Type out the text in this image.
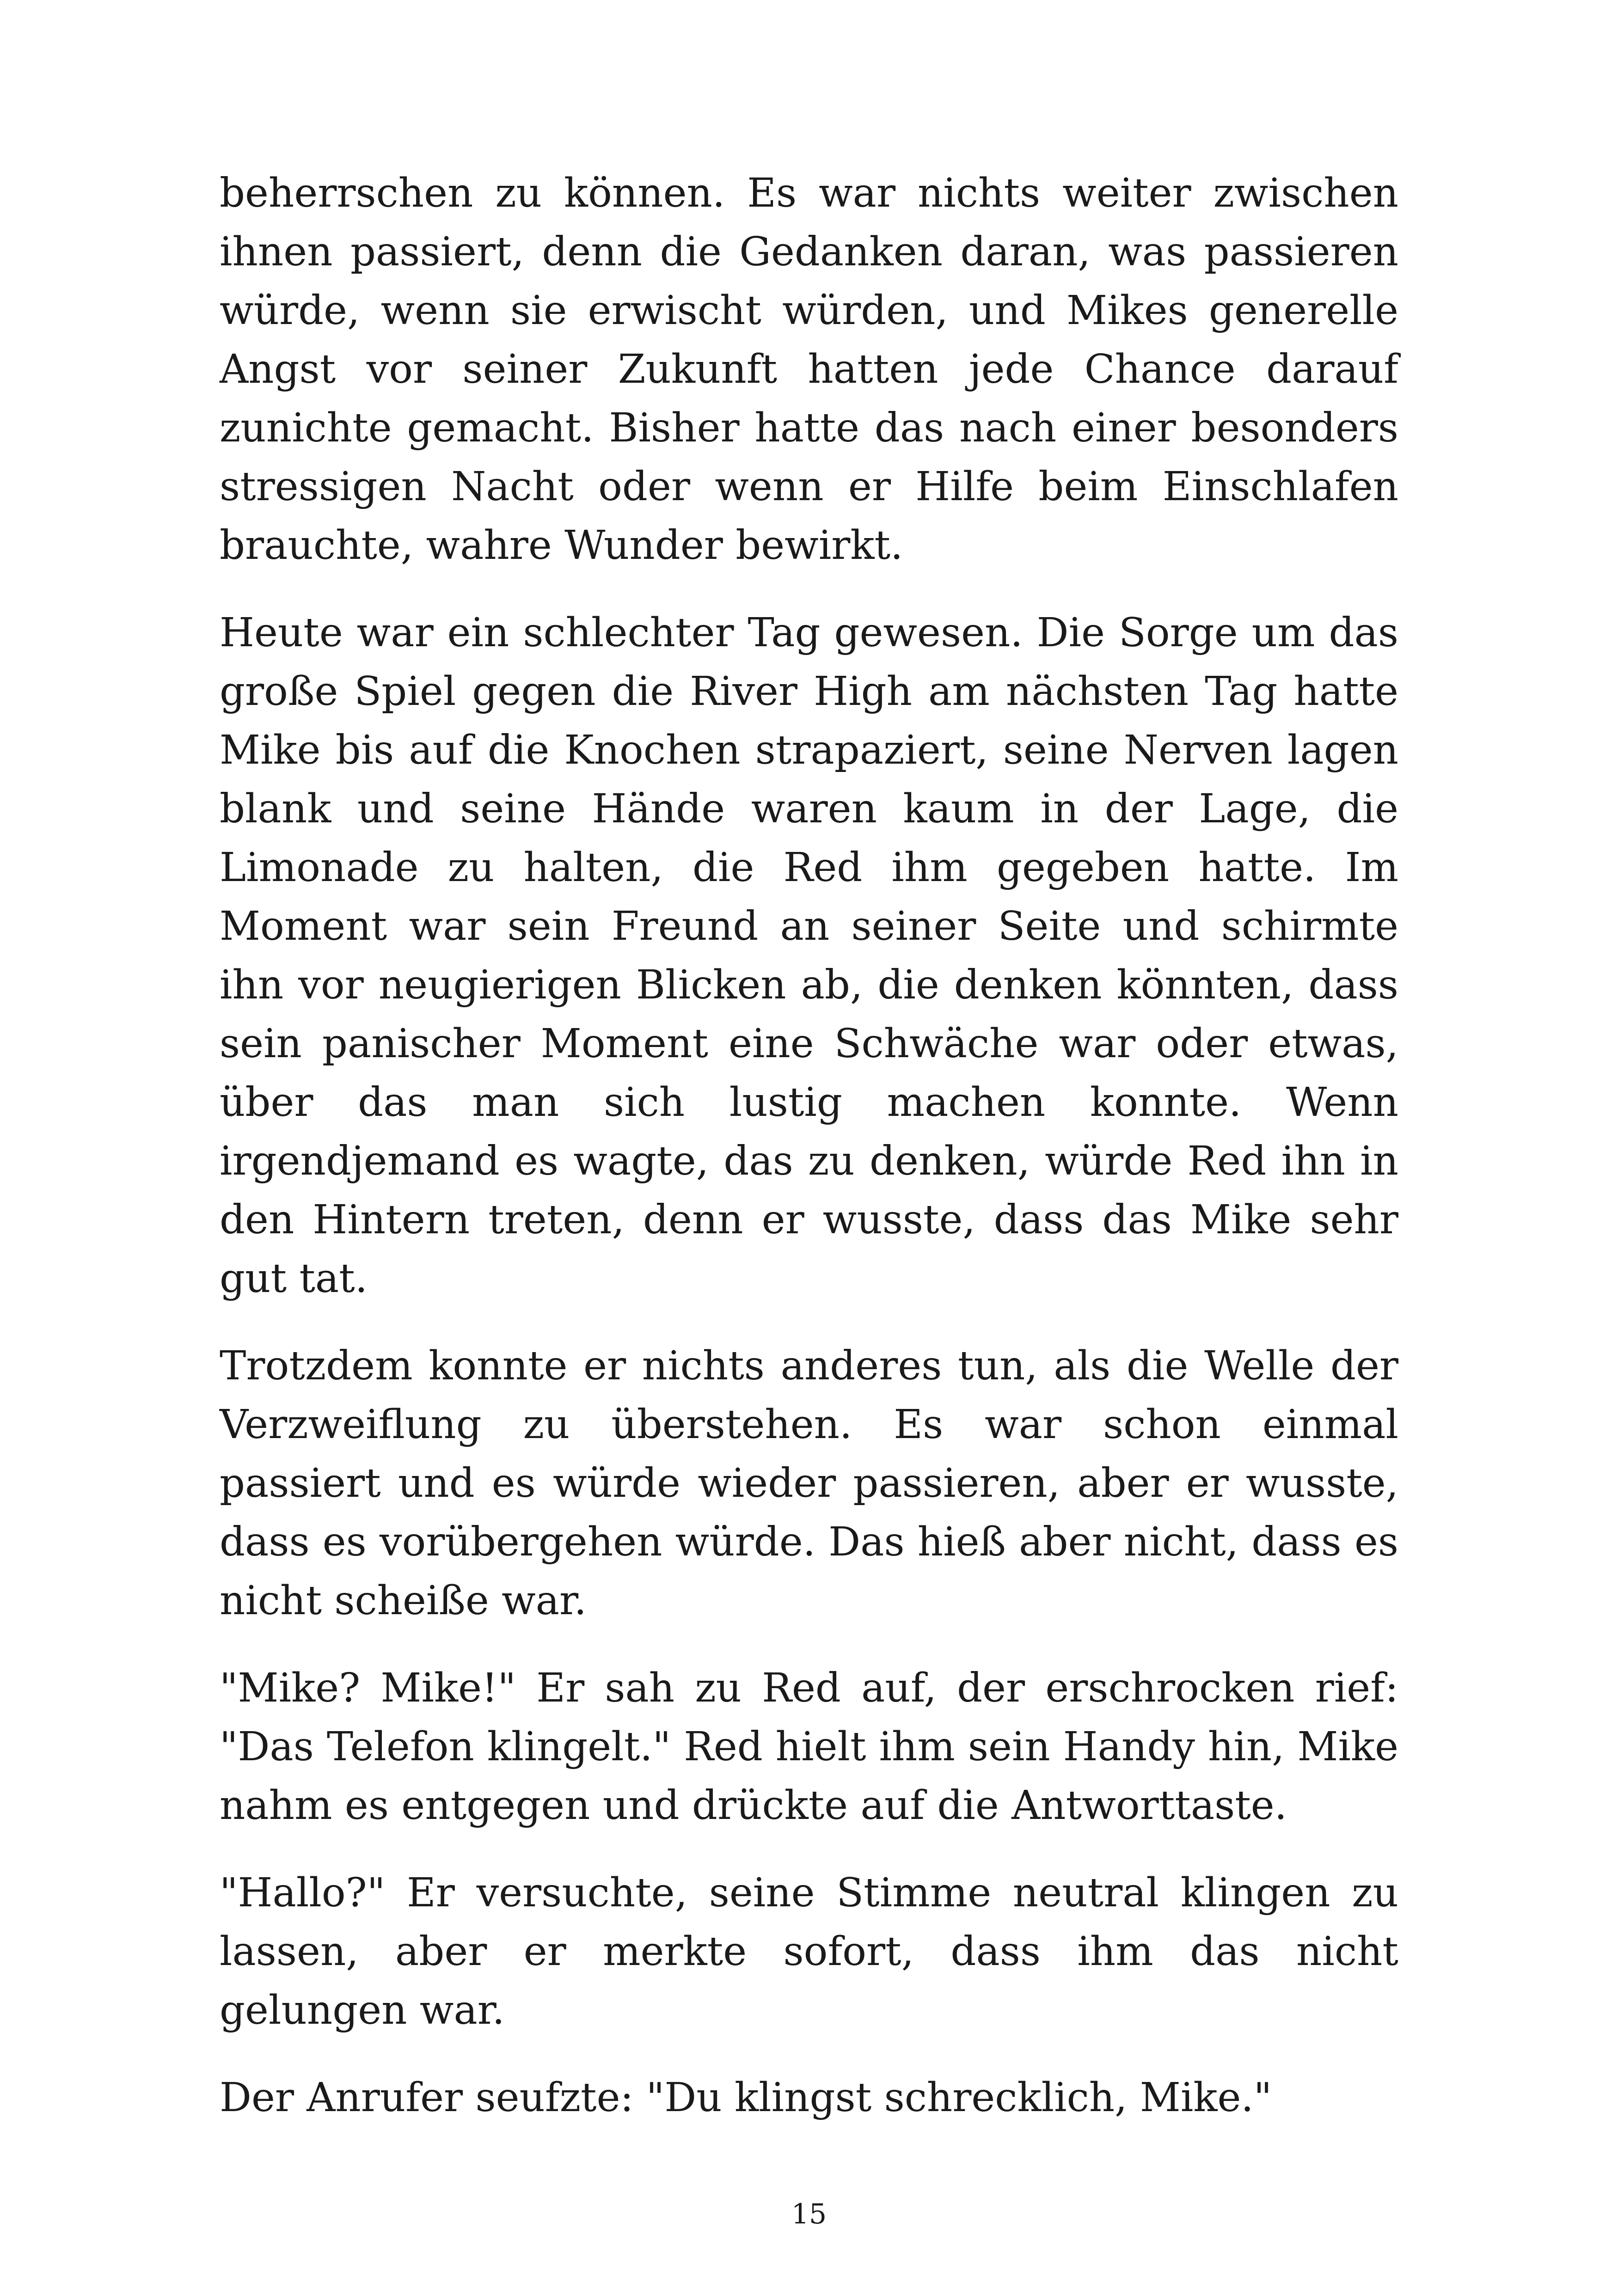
beherrschen zu können. Es war nichts weiter zwischen ihnen passiert, denn die Gedanken daran, was passieren würde, wenn sie erwischt würden, und Mikes generelle Angst vor seiner Zukunft hatten jede Chance darauf zunichte gemacht. Bisher hatte das nach einer besonders stressigen Nacht oder wenn er Hilfe beim Einschlafen brauchte, wahre Wunder bewirkt.

Heute war ein schlechter Tag gewesen. Die Sorge um das große Spiel gegen die River High am nächsten Tag hatte Mike bis auf die Knochen strapaziert, seine Nerven lagen blank und seine Hände waren kaum in der Lage, die Limonade zu halten, die Red ihm gegeben hatte. Im Moment war sein Freund an seiner Seite und schirmte ihn vor neugierigen Blicken ab, die denken könnten, dass sein panischer Moment eine Schwäche war oder etwas, über das man sich lustig machen konnte. Wenn irgendjemand es wagte, das zu denken, würde Red ihn in den Hintern treten, denn er wusste, dass das Mike sehr gut tat.

Trotzdem konnte er nichts anderes tun, als die Welle der Verzweiflung zu überstehen. Es war schon einmal passiert und es würde wieder passieren, aber er wusste, dass es vorübergehen würde. Das hieß aber nicht, dass es nicht scheiße war.

"Mike? Mike!" Er sah zu Red auf, der erschrocken rief: "Das Telefon klingelt." Red hielt ihm sein Handy hin, Mike nahm es entgegen und drückte auf die Antworttaste.

"Hallo?" Er versuchte, seine Stimme neutral klingen zu lassen, aber er merkte sofort, dass ihm das nicht gelungen war.

Der Anrufer seufzte: "Du klingst schrecklich, Mike."

15
